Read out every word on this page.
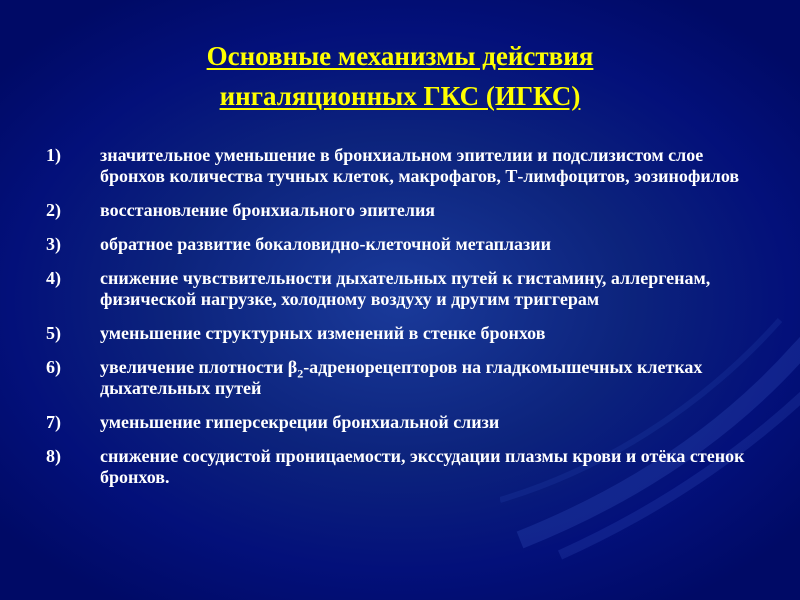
Основные механизмы действия
ингаляционных ГКС (ИГКС)
1)	значительное уменьшение в бронхиальном эпителии и подслизистом слое бронхов количества тучных клеток, макрофагов, Т-лимфоцитов, эозинофилов
2)	восстановление бронхиального эпителия
3)	обратное развитие бокаловидно-клеточной метаплазии
4)	снижение чувствительности дыхательных путей к гистамину, аллергенам, физической нагрузке, холодному воздуху и другим триггерам
5)	уменьшение структурных изменений в стенке бронхов
6)	увеличение плотности $\beta_2$-адренорецепторов на гладкомышечных клетках дыхательных путей
7)	уменьшение гиперсекреции бронхиальной слизи
8)	снижение сосудистой проницаемости, экссудации плазмы крови и отёка стенок бронхов.
